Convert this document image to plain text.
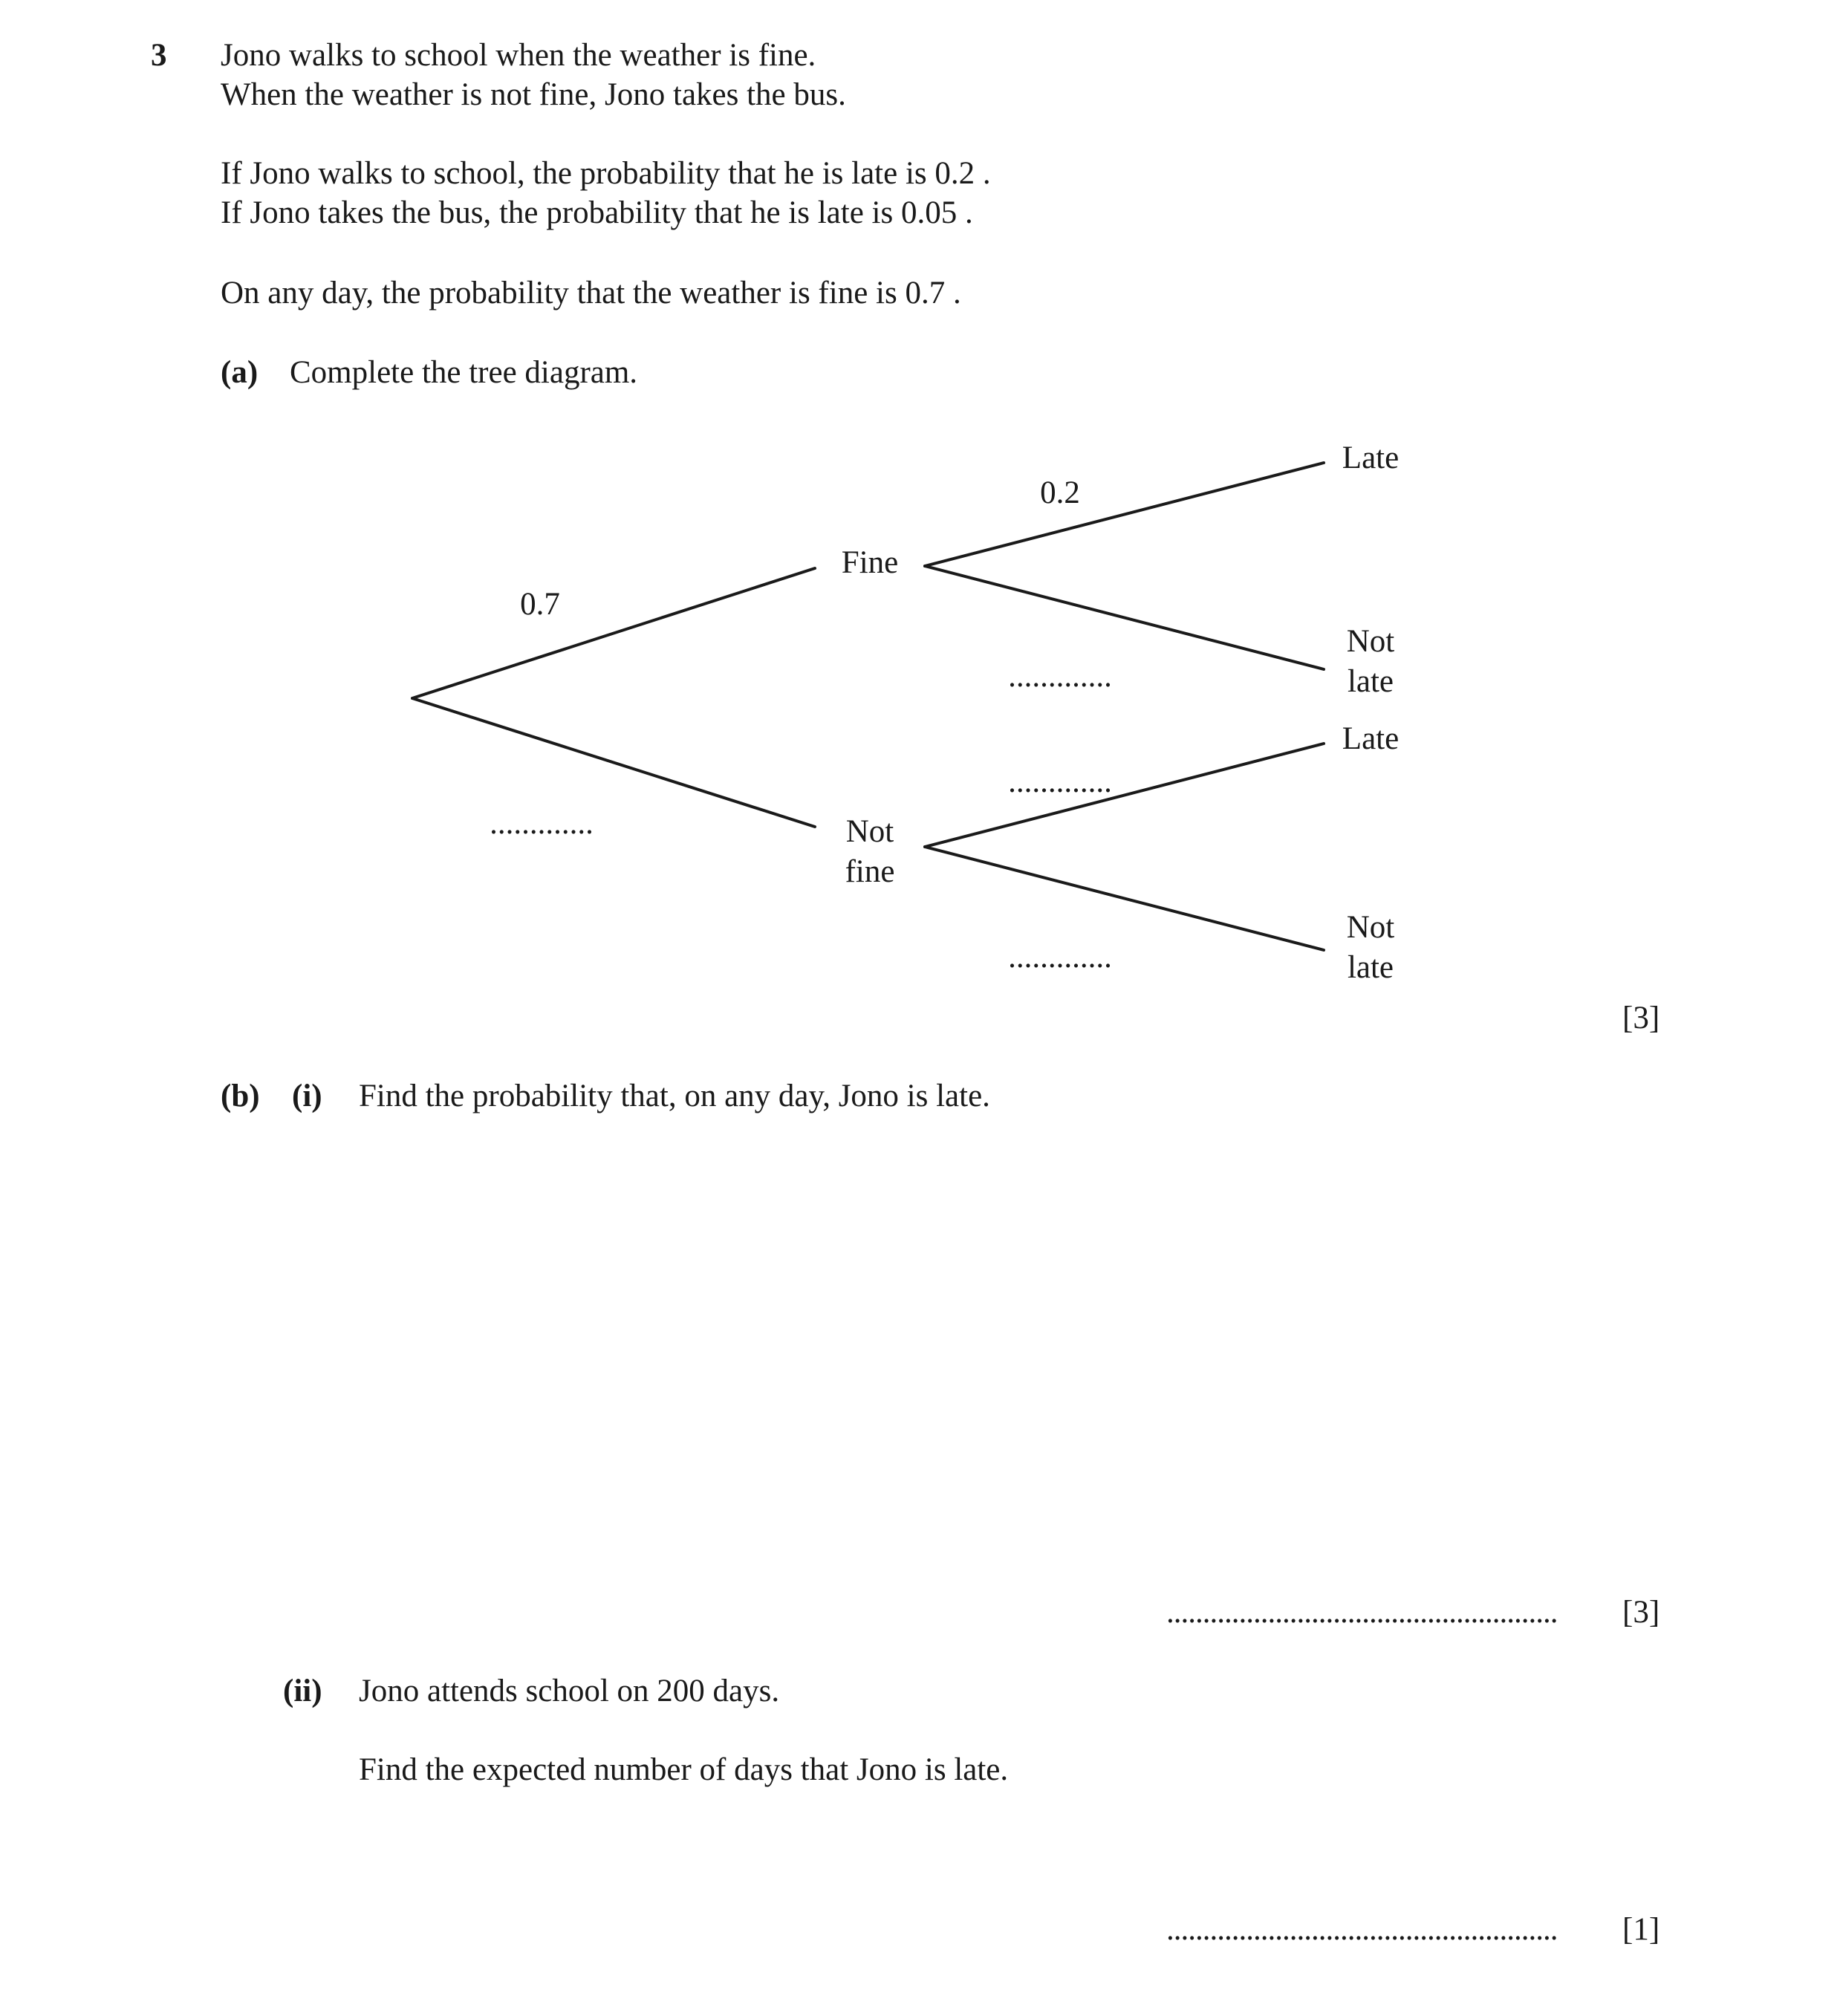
3 Jono walks to school when the weather is fine.
When the weather is not fine, Jono takes the bus.
If Jono walks to school, the probability that he is late is 0.2 .
If Jono takes the bus, the probability that he is late is 0.05 .
On any day, the probability that the weather is fine is 0.7 .
(a) Complete the tree diagram.
0.7
.............
Fine
Not
fine
0.2
.............
.............
.............
Late
Not
late
Late
Not
late
[3]
(b) (i) Find the probability that, on any day, Jono is late.
...................................................... [3]
(ii) Jono attends school on 200 days.
Find the expected number of days that Jono is late.
...................................................... [1]
